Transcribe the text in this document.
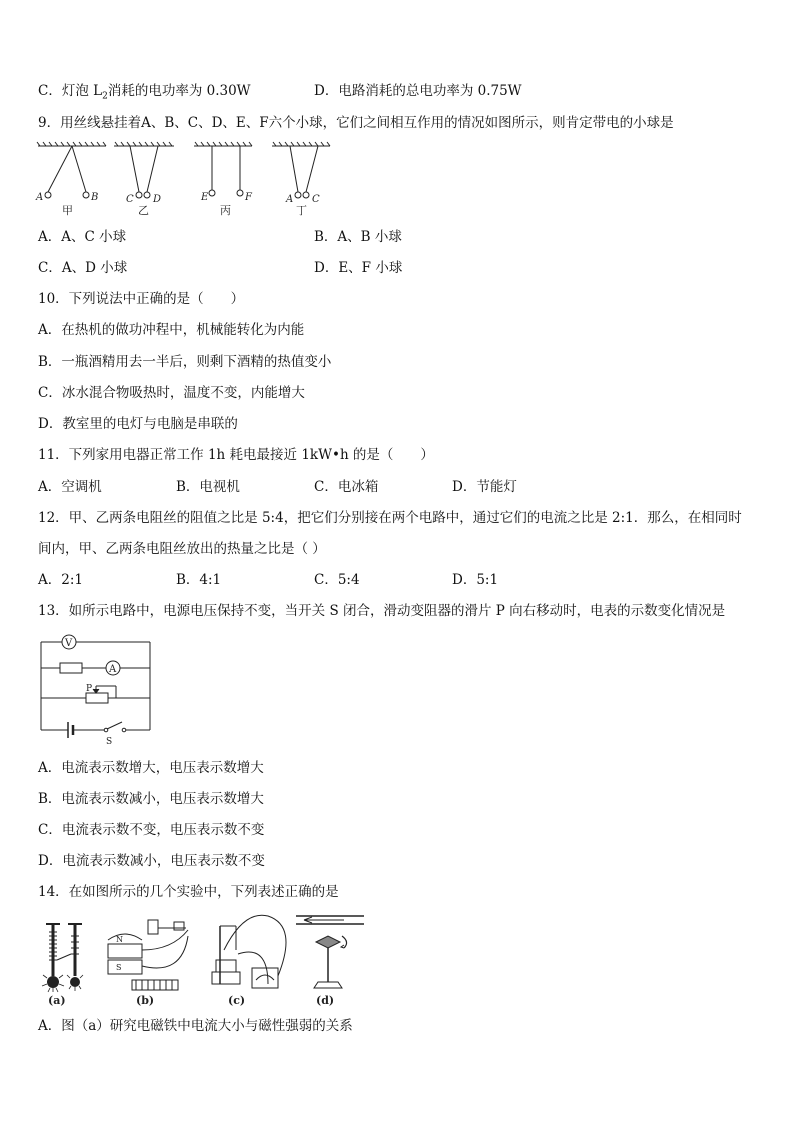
C．灯泡 $L_2$消耗的电功率为 0.30W	D．电路消耗的总电功率为 0.75W
9．用丝线悬挂着A、B、C、D、E、F六个小球，它们之间相互作用的情况如图所示，则肯定带电的小球是
A	B	C D	E	F	A C
甲	乙	丙	丁
A．A、C 小球	B．A、B 小球
C．A、D 小球	D．E、F 小球
10．下列说法中正确的是（　　）
A．在热机的做功冲程中，机械能转化为内能
B．一瓶酒精用去一半后，则剩下酒精的热值变小
C．冰水混合物吸热时，温度不变，内能增大
D．教室里的电灯与电脑是串联的
11．下列家用电器正常工作 1h 耗电最接近 1kW•h 的是（　　）
A．空调机	B．电视机	C．电冰箱	D．节能灯
12．甲、乙两条电阻丝的阻值之比是 5:4，把它们分别接在两个电路中，通过它们的电流之比是 2:1．那么，在相同时
间内，甲、乙两条电阻丝放出的热量之比是（ ）
A．2:1	B．4:1	C．5:4	D．5:1
13．如所示电路中，电源电压保持不变，当开关 S 闭合，滑动变阻器的滑片 P 向右移动时，电表的示数变化情况是
V
A
P
S
A．电流表示数增大，电压表示数增大
B．电流表示数减小，电压表示数增大
C．电流表示数不变，电压表示数不变
D．电流表示数减小，电压表示数不变
14．在如图所示的几个实验中，下列表述正确的是
N
S
(a)	(b)	(c)	(d)
A．图（a）研究电磁铁中电流大小与磁性强弱的关系
